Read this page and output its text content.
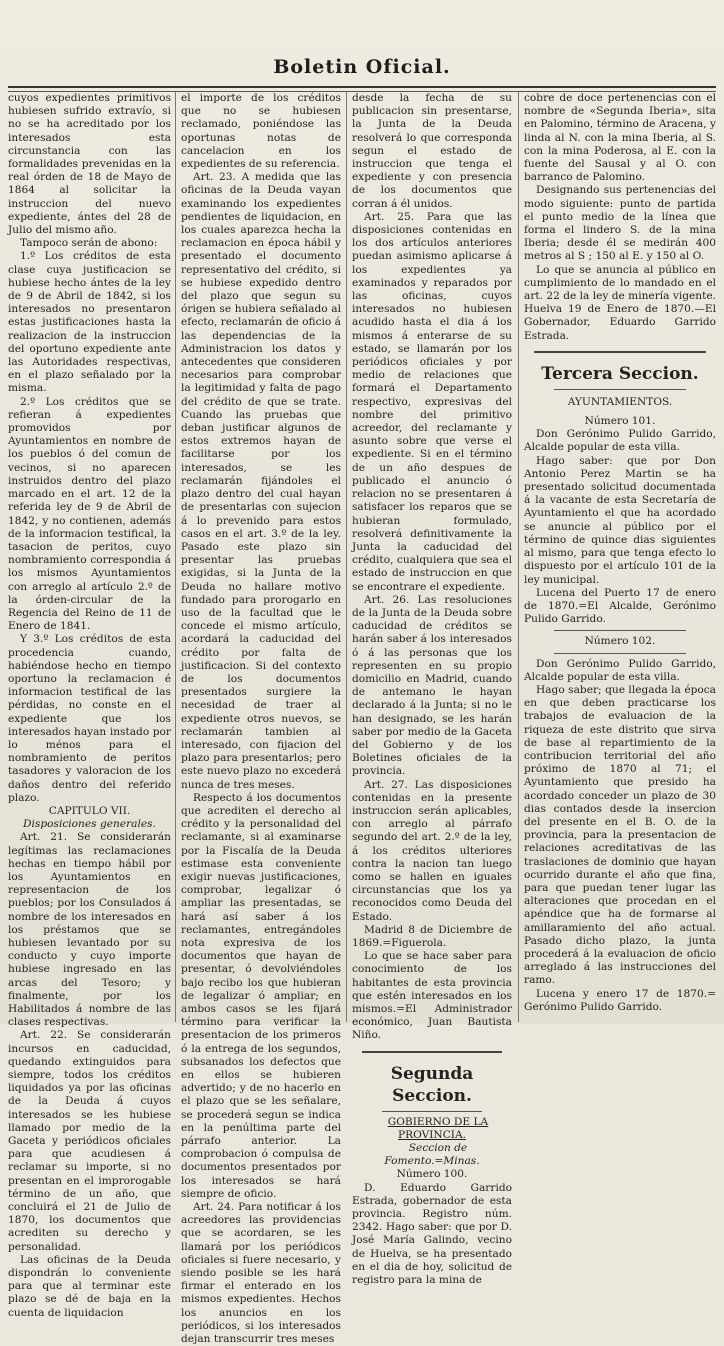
Boletin Oficial.

cuyos expedientes primitivos hubiesen sufrido extravío, si no se ha acreditado por los interesados esta circunstancia con las formalidades prevenidas en la real órden de 18 de Mayo de 1864 al solicitar la instruccion del nuevo expediente, ántes del 28 de Julio del mismo año.

Tampoco serán de abono:

1.º Los créditos de esta clase cuya justificacion se hubiese hecho ántes de la ley de 9 de Abril de 1842, si los interesados no presentaron estas justificaciones hasta la realizacion de la instruccion del oportuno expediente ante las Autoridades respectivas, en el plazo señalado por la misma.

2.º Los créditos que se refieran á expedientes promovidos por Ayuntamientos en nombre de los pueblos ó del comun de vecinos, si no aparecen instruidos dentro del plazo marcado en el art. 12 de la referida ley de 9 de Abril de 1842, y no contienen, además de la informacion testifical, la tasacion de peritos, cuyo nombramiento correspondia á los mismos Ayuntamientos con arreglo al artículo 2.º de la órden-circular de la Regencia del Reino de 11 de Enero de 1841.

Y 3.º Los créditos de esta procedencia cuando, habiéndose hecho en tiempo oportuno la reclamacion é informacion testifical de las pérdidas, no conste en el expediente que los interesados hayan instado por lo ménos para el nombramiento de peritos tasadores y valoracion de los daños dentro del referido plazo.

CAPITULO VII.

Disposiciones generales.

Art. 21. Se considerarán legítimas las reclamaciones hechas en tiempo hábil por los Ayuntamientos en representacion de los pueblos; por los Consulados á nombre de los interesados en los préstamos que se hubiesen levantado por su conducto y cuyo importe hubiese ingresado en las arcas del Tesoro; y finalmente, por los Habilitados á nombre de las clases respectivas.

Art. 22. Se considerarán incursos en caducidad, quedando extinguidos para siempre, todos los créditos liquidados ya por las oficinas de la Deuda á cuyos interesados se les hubiese llamado por medio de la Gaceta y periódicos oficiales para que acudiesen á reclamar su importe, si no presentan en el improrogable término de un año, que concluirá el 21 de Julio de 1870, los documentos que acrediten su derecho y personalidad.

Las oficinas de la Deuda dispondrán lo conveniente para que al terminar este plazo se dé de baja en la cuenta de liquidacion

el importe de los créditos que no se hubiesen reclamado, poniéndose las oportunas notas de cancelacion en los expedientes de su referencia.

Art. 23. A medida que las oficinas de la Deuda vayan examinando los expedientes pendientes de liquidacion, en los cuales aparezca hecha la reclamacion en época hábil y presentado el documento representativo del crédito, si se hubiese expedido dentro del plazo que segun su órigen se hubiera señalado al efecto, reclamarán de oficio á las dependencias de la Administracion los datos y antecedentes que consideren necesarios para comprobar la legitimidad y falta de pago del crédito de que se trate. Cuando las pruebas que deban justificar algunos de estos extremos hayan de facilitarse por los interesados, se les reclamarán fijándoles el plazo dentro del cual hayan de presentarlas con sujecion á lo prevenido para estos casos en el art. 3.º de la ley. Pasado este plazo sin presentar las pruebas exigidas, si la Junta de la Deuda no hallare motivo fundado para prorogarlo en uso de la facultad que le concede el mismo artículo, acordará la caducidad del crédito por falta de justificacion. Si del contexto de los documentos presentados surgiere la necesidad de traer al expediente otros nuevos, se reclamarán tambien al interesado, con fijacion del plazo para presentarlos; pero este nuevo plazo no excederá nunca de tres meses.

Respecto á los documentos que acrediten el derecho al crédito y la personalidad del reclamante, si al examinarse por la Fiscalía de la Deuda estimase esta conveniente exigir nuevas justificaciones, comprobar, legalizar ó ampliar las presentadas, se hará así saber á los reclamantes, entregándoles nota expresiva de los documentos que hayan de presentar, ó devolviéndoles bajo recibo los que hubieran de legalizar ó ampliar; en ambos casos se les fijará término para verificar la presentacion de los primeros ó la entrega de los segundos, subsanados los defectos que en ellos se hubieren advertido; y de no hacerlo en el plazo que se les señalare, se procederá segun se indica en la penúltima parte del párrafo anterior. La comprobacion ó compulsa de documentos presentados por los interesados se hará siempre de oficio.

Art. 24. Para notificar á los acreedores las providencias que se acordaren, se les llamará por los periódicos oficiales si fuere necesario, y siendo posible se les hará firmar el enterado en los mismos expedientes. Hechos los anuncios en los periódicos, si los interesados dejan transcurrir tres meses

desde la fecha de su publicacion sin presentarse, la Junta de la Deuda resolverá lo que corresponda segun el estado de instruccion que tenga el expediente y con presencia de los documentos que corran á él unidos.

Art. 25. Para que las disposiciones contenidas en los dos artículos anteriores puedan asimismo aplicarse á los expedientes ya examinados y reparados por las oficinas, cuyos interesados no hubiesen acudido hasta el dia á los mismos á enterarse de su estado, se llamarán por los periódicos oficiales y por medio de relaciones que formará el Departamento respectivo, expresivas del nombre del primitivo acreedor, del reclamante y asunto sobre que verse el expediente. Si en el término de un año despues de publicado el anuncio ó relacion no se presentaren á satisfacer los reparos que se hubieran formulado, resolverá definitivamente la Junta la caducidad del crédito, cualquiera que sea el estado de instruccion en que se encontrare el expediente.

Art. 26. Las resoluciones de la Junta de la Deuda sobre caducidad de créditos se harán saber á los interesados ó á las personas que los representen en su propio domicilio en Madrid, cuando de antemano le hayan declarado á la Junta; si no le han designado, se les harán saber por medio de la Gaceta del Gobierno y de los Boletines oficiales de la provincia.

Art. 27. Las disposiciones contenidas en la presente instruccion serán aplicables, con arreglo al párrafo segundo del art. 2.º de la ley, á los créditos ulteriores contra la nacion tan luego como se hallen en iguales circunstancias que los ya reconocidos como Deuda del Estado.

Madrid 8 de Diciembre de 1869.=Figuerola.

Lo que se hace saber para conocimiento de los habitantes de esta provincia que estén interesados en los mismos.=El Administrador económico, Juan Bautista Niño.

Segunda Seccion.

GOBIERNO DE LA PROVINCIA.

Seccion de Fomento.=Minas.

Número 100.

D. Eduardo Garrido Estrada, gobernador de esta provincia. Registro núm. 2342. Hago saber: que por D. José María Galindo, vecino de Huelva, se ha presentado en el dia de hoy, solicitud de registro para la mina de

cobre de doce pertenencias con el nombre de «Segunda Iberia», sita en Palomino, término de Aracena, y linda al N. con la mina Iberia, al S. con la mina Poderosa, al E. con la fuente del Sausal y al O. con barranco de Palomino.

Designando sus pertenencias del modo siguiente: punto de partida el punto medio de la línea que forma el lindero S. de la mina Iberia; desde él se medirán 400 metros al S ; 150 al E. y 150 al O.

Lo que se anuncia al público en cumplimiento de lo mandado en el art. 22 de la ley de minería vigente. Huelva 19 de Enero de 1870.—El Gobernador, Eduardo Garrido Estrada.

Tercera Seccion.

AYUNTAMIENTOS.

Número 101.

Don Gerónimo Pulido Garrido, Alcalde popular de esta villa.

Hago saber: que por Don Antonio Perez Martin se ha presentado solicitud documentada á la vacante de esta Secretaría de Ayuntamiento el que ha acordado se anuncie al público por el término de quince dias siguientes al mismo, para que tenga efecto lo dispuesto por el artículo 101 de la ley municipal.

Lucena del Puerto 17 de enero de 1870.=El Alcalde, Gerónimo Pulido Garrido.

Número 102.

Don Gerónimo Pulido Garrido, Alcalde popular de esta villa.

Hago saber; que llegada la época en que deben practicarse los trabajos de evaluacion de la riqueza de este distrito que sirva de base al repartimiento de la contribucion territorial del año próximo de 1870 al 71; el Ayuntamiento que presido ha acordado conceder un plazo de 30 dias contados desde la insercion del presente en el B. O. de la provincia, para la presentacion de relaciones acreditativas de las traslaciones de dominio que hayan ocurrido durante el año que fina, para que puedan tener lugar las alteraciones que procedan en el apéndice que ha de formarse al amillaramiento del año actual. Pasado dicho plazo, la junta procederá á la evaluacion de oficio arreglado á las instrucciones del ramo.

Lucena y enero 17 de 1870.= Gerónimo Pulido Garrido.
